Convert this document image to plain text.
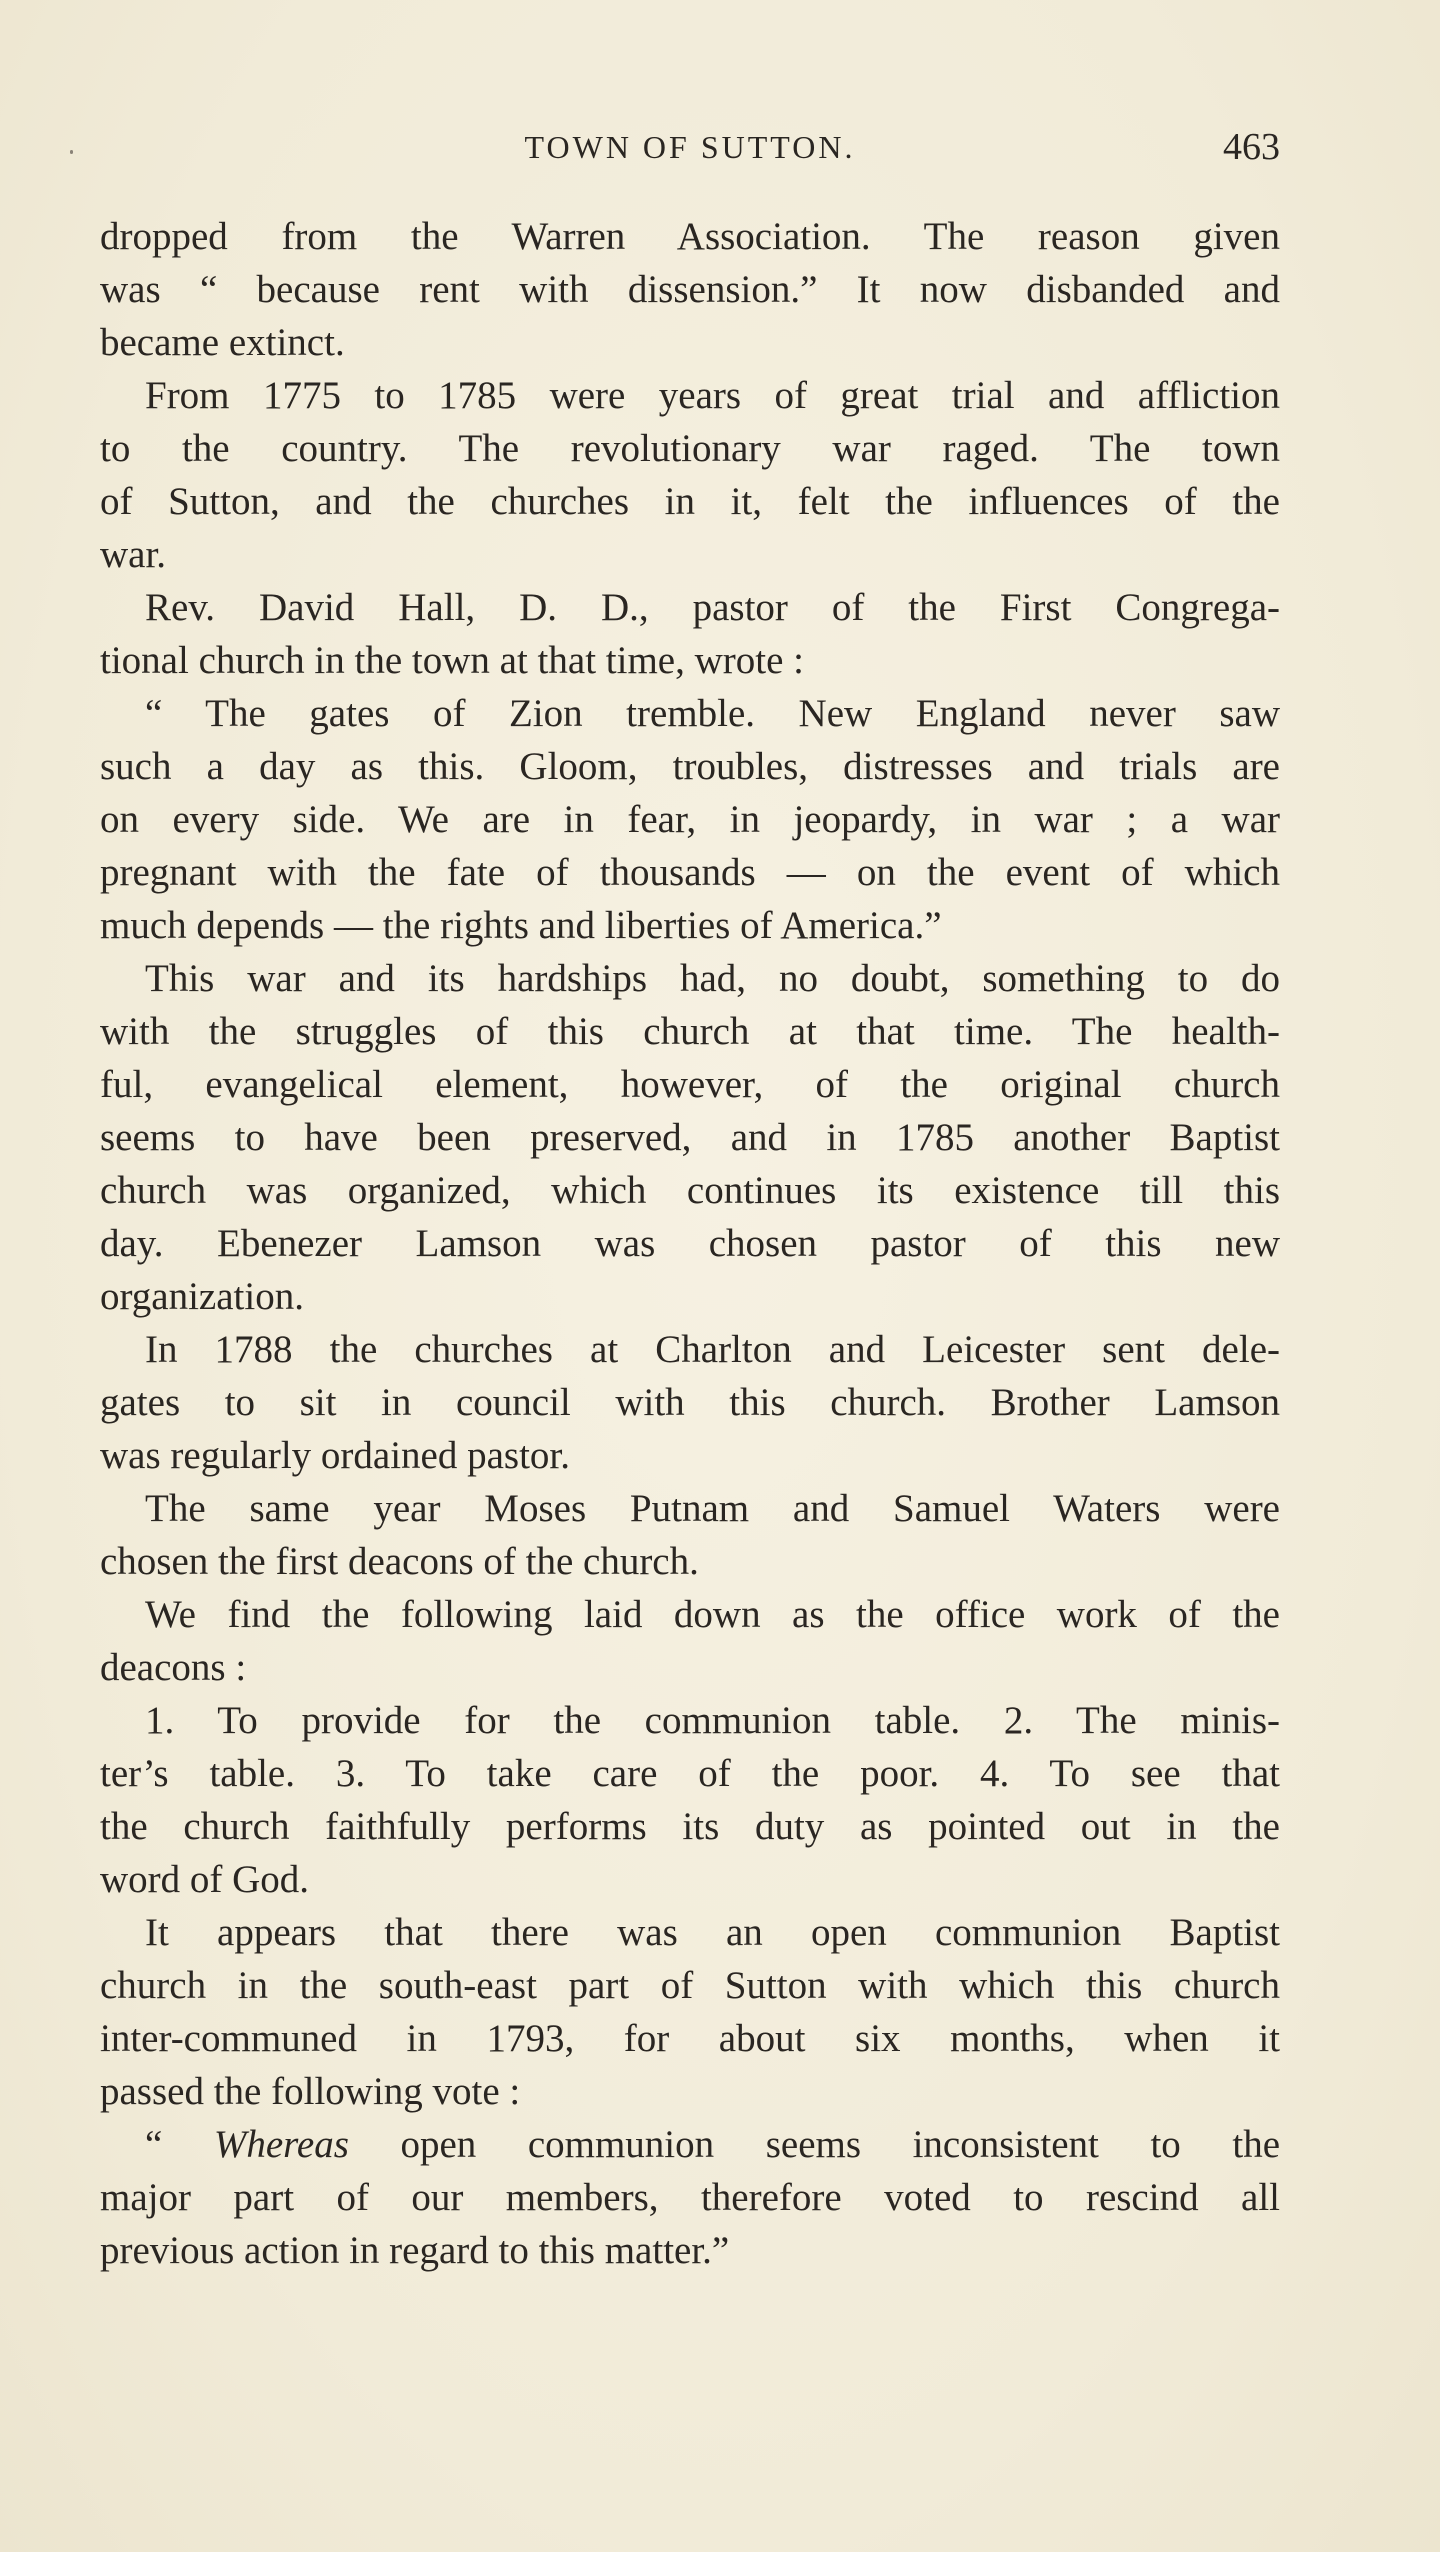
TOWN OF SUTTON.	463
dropped from the Warren Association. The reason given
was “ because rent with dissension.” It now disbanded and
became extinct.
From 1775 to 1785 were years of great trial and affliction
to the country. The revolutionary war raged. The town
of Sutton, and the churches in it, felt the influences of the
war.
Rev. David Hall, D. D., pastor of the First Congrega-
tional church in the town at that time, wrote :
“ The gates of Zion tremble. New England never saw
such a day as this. Gloom, troubles, distresses and trials are
on every side. We are in fear, in jeopardy, in war ; a war
pregnant with the fate of thousands — on the event of which
much depends — the rights and liberties of America.”
This war and its hardships had, no doubt, something to do
with the struggles of this church at that time. The health-
ful, evangelical element, however, of the original church
seems to have been preserved, and in 1785 another Baptist
church was organized, which continues its existence till this
day. Ebenezer Lamson was chosen pastor of this new
organization.
In 1788 the churches at Charlton and Leicester sent dele-
gates to sit in council with this church. Brother Lamson
was regularly ordained pastor.
The same year Moses Putnam and Samuel Waters were
chosen the first deacons of the church.
We find the following laid down as the office work of the
deacons :
1. To provide for the communion table. 2. The minis-
ter’s table. 3. To take care of the poor. 4. To see that
the church faithfully performs its duty as pointed out in the
word of God.
It appears that there was an open communion Baptist
church in the south-east part of Sutton with which this church
inter-communed in 1793, for about six months, when it
passed the following vote :
“ Whereas open communion seems inconsistent to the
major part of our members, therefore voted to rescind all
previous action in regard to this matter.”
